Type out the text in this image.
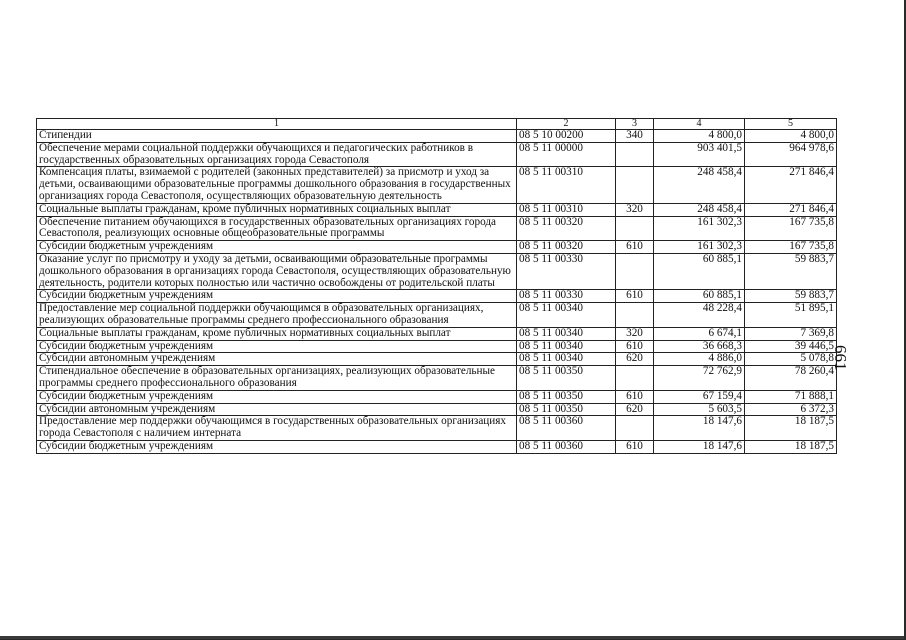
1	2	3	4	5
Стипендии	08 5 10 00200	340	4 800,0	4 800,0
Обеспечение мерами социальной поддержки обучающихся и педагогических работников в государственных образовательных организациях города Севастополя	08 5 11 00000		903 401,5	964 978,6
Компенсация платы, взимаемой с родителей (законных представителей) за присмотр и уход за детьми, осваивающими образовательные программы дошкольного образования в государственных организациях города Севастополя, осуществляющих образовательную деятельность	08 5 11 00310		248 458,4	271 846,4
Социальные выплаты гражданам, кроме публичных нормативных социальных выплат	08 5 11 00310	320	248 458,4	271 846,4
Обеспечение питанием обучающихся в государственных образовательных организациях города Севастополя, реализующих основные общеобразовательные программы	08 5 11 00320		161 302,3	167 735,8
Субсидии бюджетным учреждениям	08 5 11 00320	610	161 302,3	167 735,8
Оказание услуг по присмотру и уходу за детьми, осваивающими образовательные программы дошкольного образования в организациях города Севастополя, осуществляющих образовательную деятельность, родители которых полностью или частично освобождены от родительской платы	08 5 11 00330		60 885,1	59 883,7
Субсидии бюджетным учреждениям	08 5 11 00330	610	60 885,1	59 883,7
Предоставление мер социальной поддержки обучающимся в образовательных организациях, реализующих образовательные программы среднего профессионального образования	08 5 11 00340		48 228,4	51 895,1
Социальные выплаты гражданам, кроме публичных нормативных социальных выплат	08 5 11 00340	320	6 674,1	7 369,8
Субсидии бюджетным учреждениям	08 5 11 00340	610	36 668,3	39 446,5
Субсидии автономным учреждениям	08 5 11 00340	620	4 886,0	5 078,8
Стипендиальное обеспечение в образовательных организациях, реализующих образовательные программы среднего профессионального образования	08 5 11 00350		72 762,9	78 260,4
Субсидии бюджетным учреждениям	08 5 11 00350	610	67 159,4	71 888,1
Субсидии автономным учреждениям	08 5 11 00350	620	5 603,5	6 372,3
Предоставление мер поддержки обучающимся в государственных образовательных организациях города Севастополя с наличием интерната	08 5 11 00360		18 147,6	18 187,5
Субсидии бюджетным учреждениям	08 5 11 00360	610	18 147,6	18 187,5
661
